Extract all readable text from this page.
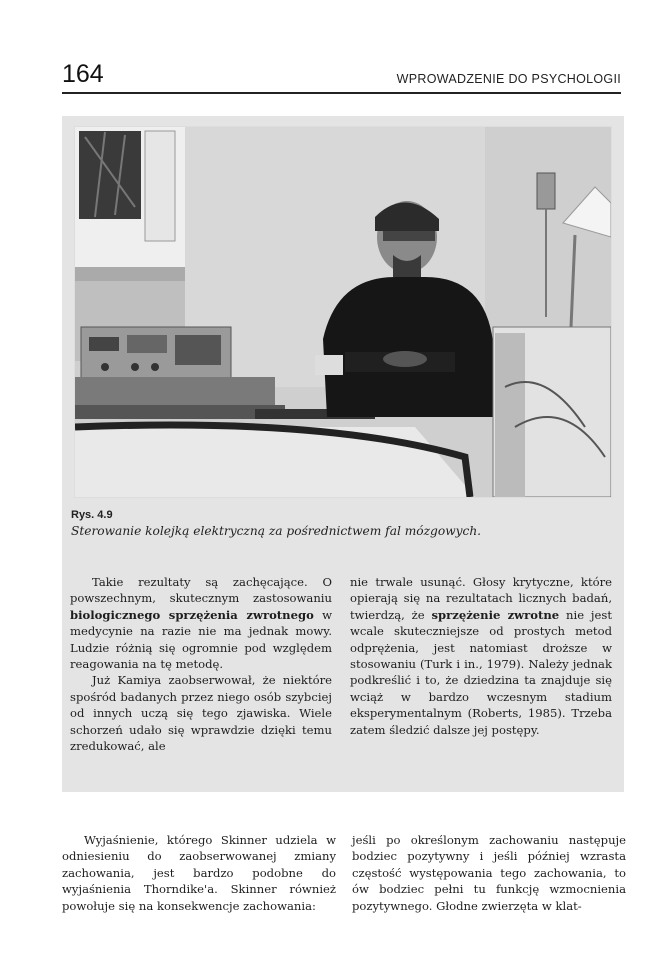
164	WPROWADZENIE DO PSYCHOLOGII
Rys. 4.9
Sterowanie kolejką elektryczną za pośrednictwem fal mózgowych.

Takie rezultaty są zachęcające. O powszechnym, skutecznym zastosowaniu biologicznego sprzężenia zwrotnego w medycynie na razie nie ma jednak mowy. Ludzie różnią się ogromnie pod względem reagowania na tę metodę.

Już Kamiya zaobserwował, że niektóre spośród badanych przez niego osób szybciej od innych uczą się tego zjawiska. Wiele schorzeń udało się wprawdzie dzięki temu zredukować, ale

nie trwale usunąć. Głosy krytyczne, które opierają się na rezultatach licznych badań, twierdzą, że sprzężenie zwrotne nie jest wcale skuteczniejsze od prostych metod odprężenia, jest natomiast droższe w stosowaniu (Turk i in., 1979). Należy jednak podkreślić i to, że dziedzina ta znajduje się wciąż w bardzo wczesnym stadium eksperymentalnym (Roberts, 1985). Trzeba zatem śledzić dalsze jej postępy.

Wyjaśnienie, którego Skinner udziela w odniesieniu do zaobserwowanej zmiany zachowania, jest bardzo podobne do wyjaśnienia Thorndike'a. Skinner również powołuje się na konsekwencje zachowania:

jeśli po określonym zachowaniu następuje bodziec pozytywny i jeśli później wzrasta częstość występowania tego zachowania, to ów bodziec pełni tu funkcję wzmocnienia pozytywnego. Głodne zwierzęta w klat-
